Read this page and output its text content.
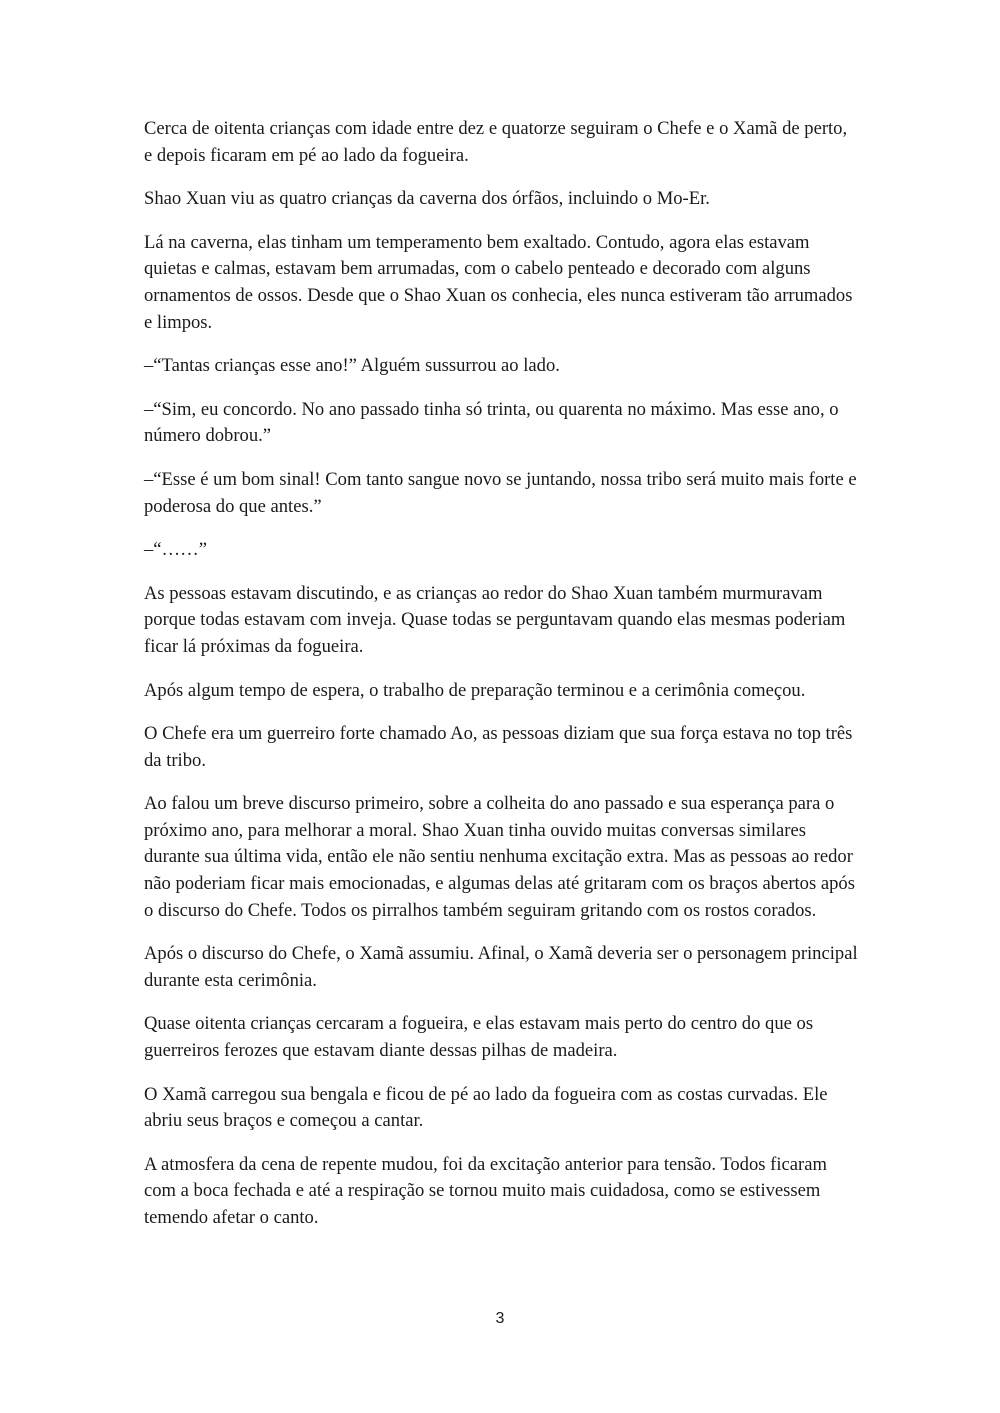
Cerca de oitenta crianças com idade entre dez e quatorze seguiram o Chefe e o Xamã de perto, e depois ficaram em pé ao lado da fogueira.

Shao Xuan viu as quatro crianças da caverna dos órfãos, incluindo o Mo-Er.

Lá na caverna, elas tinham um temperamento bem exaltado. Contudo, agora elas estavam quietas e calmas, estavam bem arrumadas, com o cabelo penteado e decorado com alguns ornamentos de ossos. Desde que o Shao Xuan os conhecia, eles nunca estiveram tão arrumados e limpos.

–“Tantas crianças esse ano!” Alguém sussurrou ao lado.

–“Sim, eu concordo. No ano passado tinha só trinta, ou quarenta no máximo. Mas esse ano, o número dobrou.”

–“Esse é um bom sinal! Com tanto sangue novo se juntando, nossa tribo será muito mais forte e poderosa do que antes.”

–“……”

As pessoas estavam discutindo, e as crianças ao redor do Shao Xuan também murmuravam porque todas estavam com inveja. Quase todas se perguntavam quando elas mesmas poderiam ficar lá próximas da fogueira.

Após algum tempo de espera, o trabalho de preparação terminou e a cerimônia começou.

O Chefe era um guerreiro forte chamado Ao, as pessoas diziam que sua força estava no top três da tribo.

Ao falou um breve discurso primeiro, sobre a colheita do ano passado e sua esperança para o próximo ano, para melhorar a moral. Shao Xuan tinha ouvido muitas conversas similares durante sua última vida, então ele não sentiu nenhuma excitação extra. Mas as pessoas ao redor não poderiam ficar mais emocionadas, e algumas delas até gritaram com os braços abertos após o discurso do Chefe. Todos os pirralhos também seguiram gritando com os rostos corados.

Após o discurso do Chefe, o Xamã assumiu. Afinal, o Xamã deveria ser o personagem principal durante esta cerimônia.

Quase oitenta crianças cercaram a fogueira, e elas estavam mais perto do centro do que os guerreiros ferozes que estavam diante dessas pilhas de madeira.

O Xamã carregou sua bengala e ficou de pé ao lado da fogueira com as costas curvadas. Ele abriu seus braços e começou a cantar.

A atmosfera da cena de repente mudou, foi da excitação anterior para tensão. Todos ficaram com a boca fechada e até a respiração se tornou muito mais cuidadosa, como se estivessem temendo afetar o canto.

3
